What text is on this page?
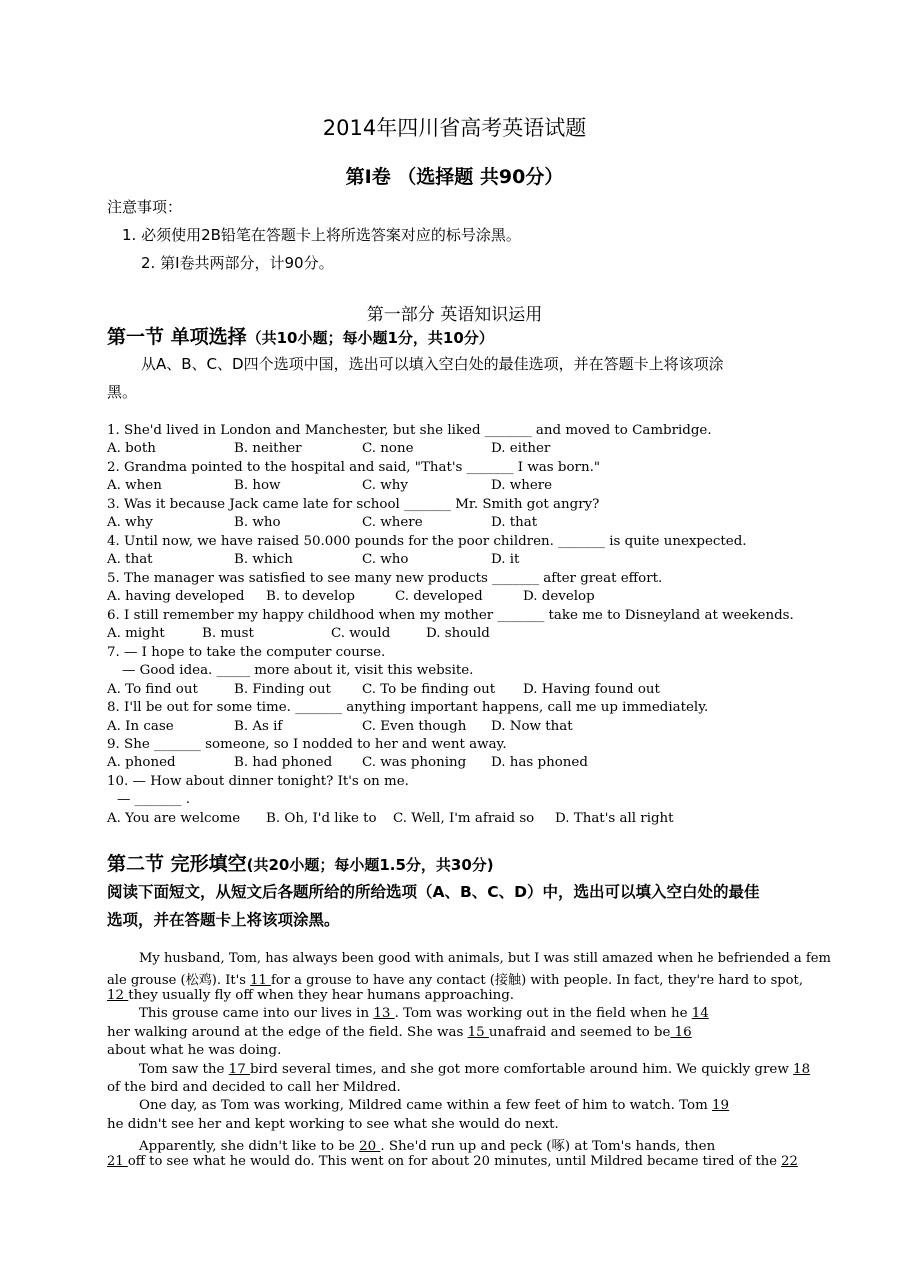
2014年四川省高考英语试题
第Ⅰ卷 （选择题 共90分）
注意事项：
1. 必须使用2B铅笔在答题卡上将所选答案对应的标号涂黑。
2. 第Ⅰ卷共两部分，计90分。
第一部分 英语知识运用
第一节 单项选择（共10小题；每小题1分，共10分）
从A、B、C、D四个选项中国，选出可以填入空白处的最佳选项，并在答题卡上将该项涂
黑。
1. She'd lived in London and Manchester, but she liked _______ and moved to Cambridge.
A. both	B. neither	C. none	D. either
2. Grandma pointed to the hospital and said, "That's _______ I was born."
A. when	B. how	C. why	D. where
3. Was it because Jack came late for school _______ Mr. Smith got angry?
A. why	B. who	C. where	D. that
4. Until now, we have raised 50.000 pounds for the poor children. _______ is quite unexpected.
A. that	B. which	C. who	D. it
5. The manager was satisfied to see many new products _______ after great effort.
A. having developed B. to develop	C. developed	D. develop
6. I still remember my happy childhood when my mother _______ take me to Disneyland at weekends.
A. might	B. must	C. would	D. should
7. — I hope to take the computer course.
— Good idea. _____ more about it, visit this website.
A. To find out	B. Finding out C. To be finding out D. Having found out
8. I'll be out for some time. _______ anything important happens, call me up immediately.
A. In case	B. As if	C. Even though D. Now that
9. She _______ someone, so I nodded to her and went away.
A. phoned	B. had phoned C. was phoning D. has phoned
10. — How about dinner tonight? It's on me.
— _______ .
A. You are welcome B. Oh, I'd like to C. Well, I'm afraid so D. That's all right
第二节 完形填空(共20小题；每小题1.5分，共30分)
阅读下面短文，从短文后各题所给的所给选项（A、B、C、D）中，选出可以填入空白处的最佳
选项，并在答题卡上将该项涂黑。
My husband, Tom, has always been good with animals, but I was still amazed when he befriended a fem
ale grouse (松鸡). It's 11 for a grouse to have any contact (接触) with people. In fact, they're hard to spot,
12 they usually fly off when they hear humans approaching.
This grouse came into our lives in 13 . Tom was working out in the field when he 14
her walking around at the edge of the field. She was 15 unafraid and seemed to be 16
about what he was doing.
Tom saw the 17 bird several times, and she got more comfortable around him. We quickly grew 18
of the bird and decided to call her Mildred.
One day, as Tom was working, Mildred came within a few feet of him to watch. Tom 19
he didn't see her and kept working to see what she would do next.
Apparently, she didn't like to be 20 . She'd run up and peck (啄) at Tom's hands, then
21 off to see what he would do. This went on for about 20 minutes, until Mildred became tired of the 22
